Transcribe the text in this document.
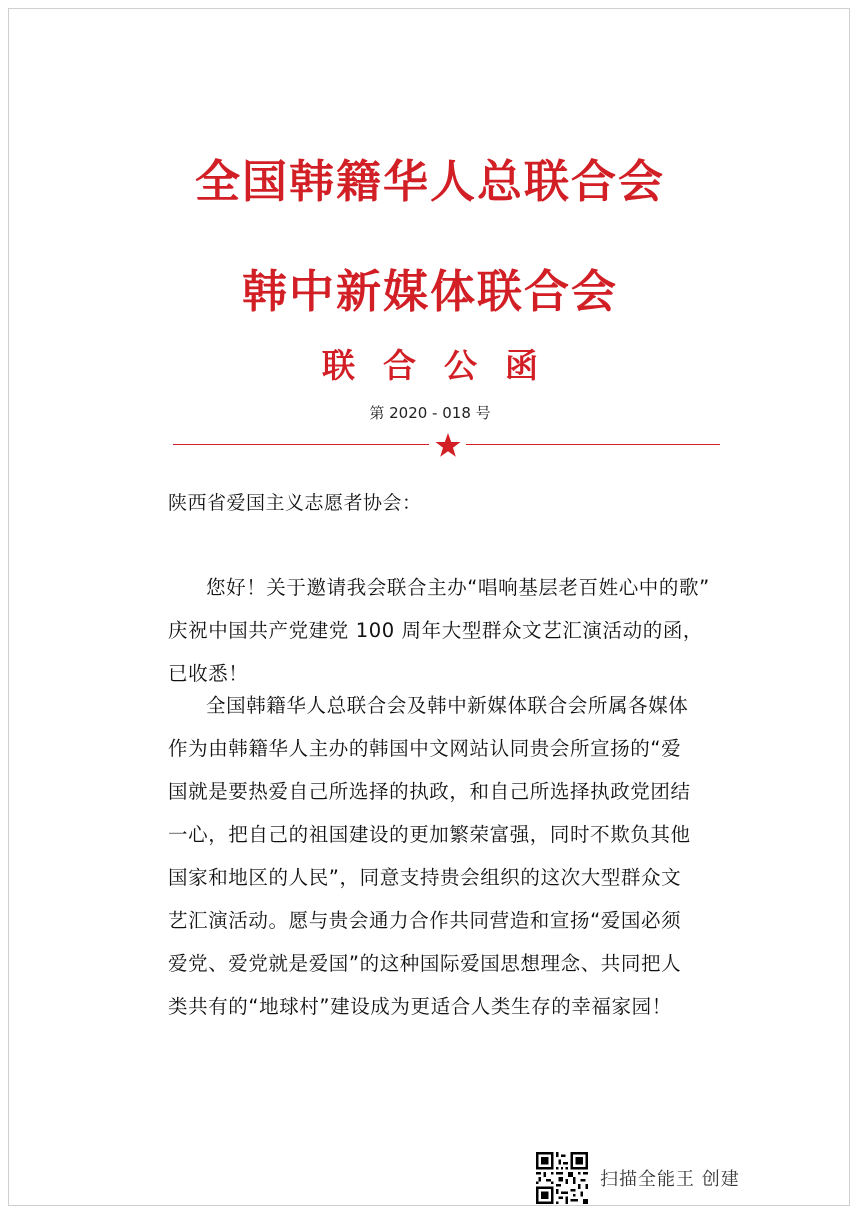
全国韩籍华人总联合会
韩中新媒体联合会
联合公函
第 2020 - 018 号
陕西省爱国主义志愿者协会：
您好！关于邀请我会联合主办“唱响基层老百姓心中的歌”
庆祝中国共产党建党 100 周年大型群众文艺汇演活动的函，
已收悉！
全国韩籍华人总联合会及韩中新媒体联合会所属各媒体
作为由韩籍华人主办的韩国中文网站认同贵会所宣扬的“爱
国就是要热爱自己所选择的执政，和自己所选择执政党团结
一心，把自己的祖国建设的更加繁荣富强，同时不欺负其他
国家和地区的人民”，同意支持贵会组织的这次大型群众文
艺汇演活动。愿与贵会通力合作共同营造和宣扬“爱国必须
爱党、爱党就是爱国”的这种国际爱国思想理念、共同把人
类共有的“地球村”建设成为更适合人类生存的幸福家园！
扫描全能王 创建
